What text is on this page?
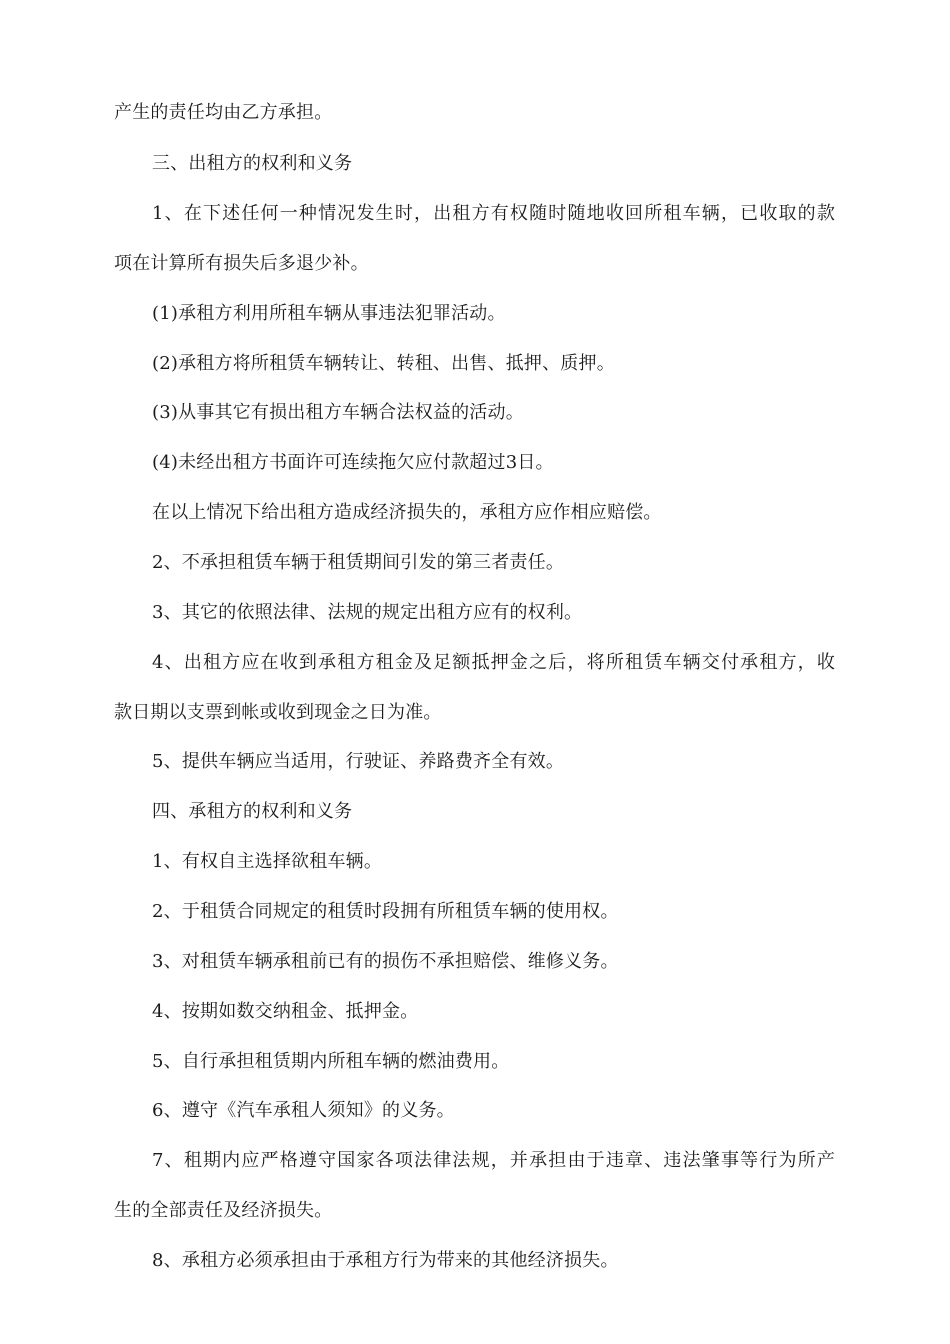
产生的责任均由乙方承担。
三、出租方的权利和义务
1、在下述任何一种情况发生时，出租方有权随时随地收回所租车辆，已收取的款
项在计算所有损失后多退少补。
(1)承租方利用所租车辆从事违法犯罪活动。
(2)承租方将所租赁车辆转让、转租、出售、抵押、质押。
(3)从事其它有损出租方车辆合法权益的活动。
(4)未经出租方书面许可连续拖欠应付款超过3日。
在以上情况下给出租方造成经济损失的，承租方应作相应赔偿。
2、不承担租赁车辆于租赁期间引发的第三者责任。
3、其它的依照法律、法规的规定出租方应有的权利。
4、出租方应在收到承租方租金及足额抵押金之后，将所租赁车辆交付承租方，收
款日期以支票到帐或收到现金之日为准。
5、提供车辆应当适用，行驶证、养路费齐全有效。
四、承租方的权利和义务
1、有权自主选择欲租车辆。
2、于租赁合同规定的租赁时段拥有所租赁车辆的使用权。
3、对租赁车辆承租前已有的损伤不承担赔偿、维修义务。
4、按期如数交纳租金、抵押金。
5、自行承担租赁期内所租车辆的燃油费用。
6、遵守《汽车承租人须知》的义务。
7、租期内应严格遵守国家各项法律法规，并承担由于违章、违法肇事等行为所产
生的全部责任及经济损失。
8、承租方必须承担由于承租方行为带来的其他经济损失。
